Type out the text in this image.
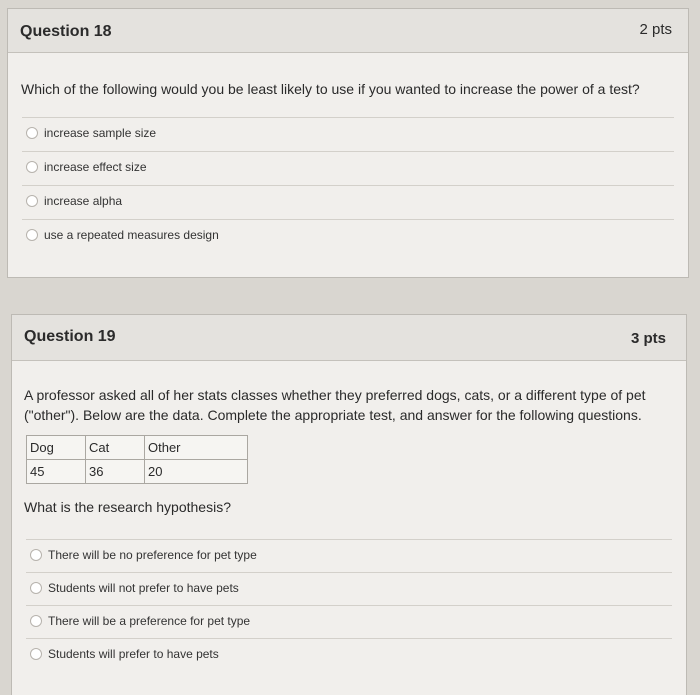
Question 18	2 pts
Which of the following would you be least likely to use if you wanted to increase the power of a test?
increase sample size
increase effect size
increase alpha
use a repeated measures design
Question 19	3 pts
A professor asked all of her stats classes whether they preferred dogs, cats, or a different type of pet ("other"). Below are the data. Complete the appropriate test, and answer for the following questions.
Dog	Cat	Other
45	36	20
What is the research hypothesis?
There will be no preference for pet type
Students will not prefer to have pets
There will be a preference for pet type
Students will prefer to have pets
